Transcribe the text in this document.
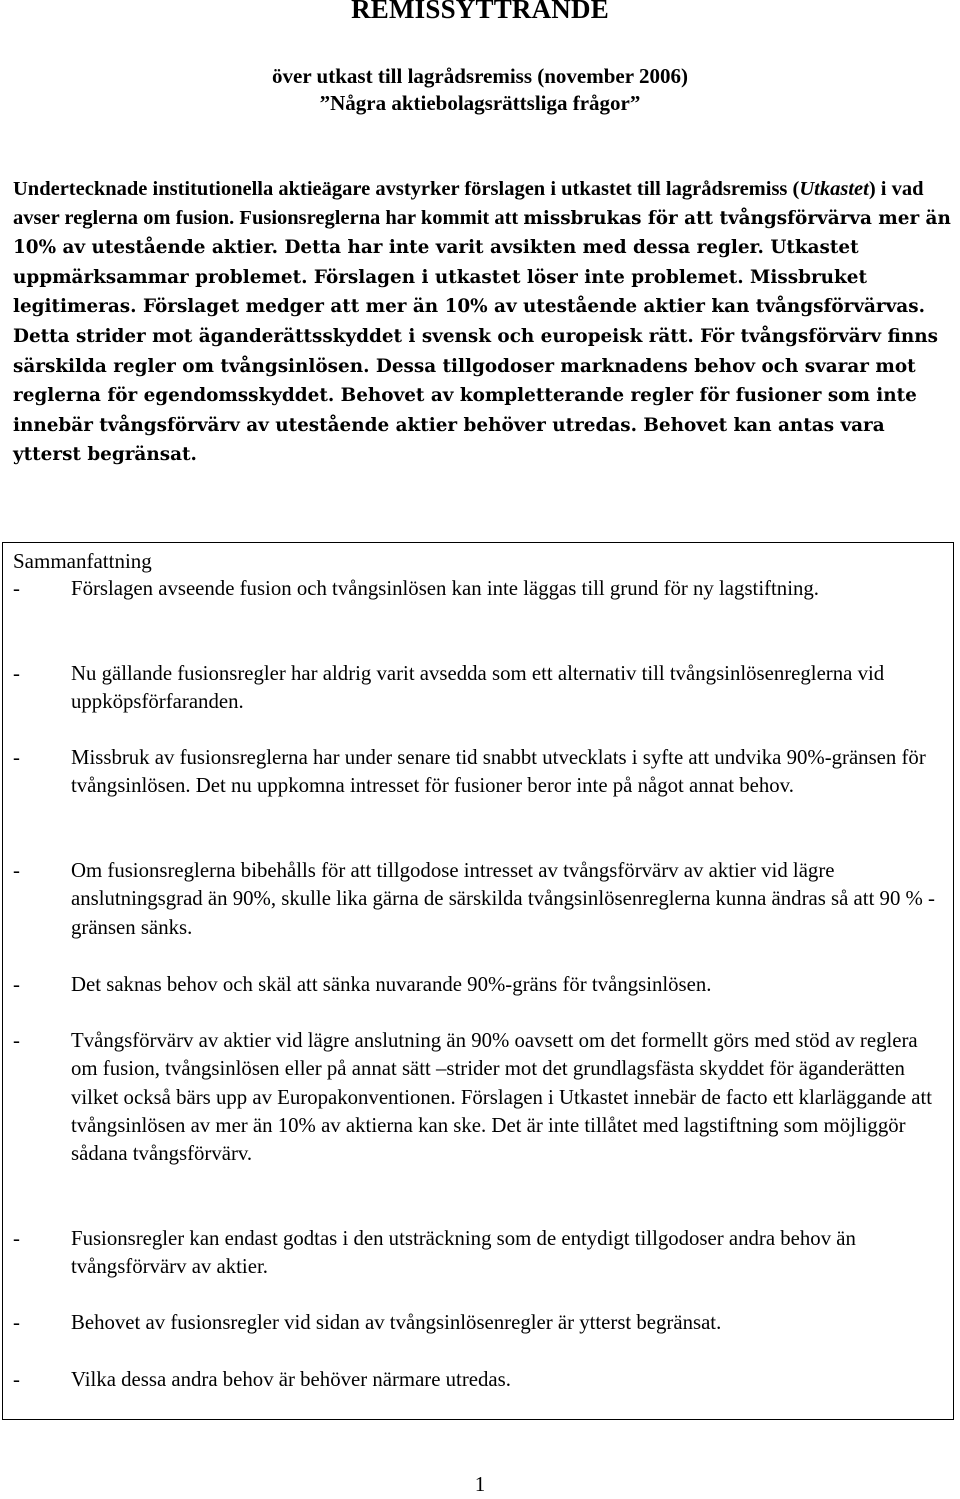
REMISSYTTRANDE
över utkast till lagrådsremiss (november 2006)
”Några aktiebolagsrättsliga frågor”

Undertecknade institutionella aktieägare avstyrker förslagen i utkastet till lagrådsremiss (Utkastet) i vad avser reglerna om fusion. Fusionsreglerna har kommit att missbrukas för att tvångsförvärva mer än 10% av utestående aktier. Detta har inte varit avsikten med dessa regler. Utkastet uppmärksammar problemet. Förslagen i utkastet löser inte problemet. Missbruket legitimeras. Förslaget medger att mer än 10% av utestående aktier kan tvångsförvärvas. Detta strider mot äganderättsskyddet i svensk och europeisk rätt. För tvångsförvärv finns särskilda regler om tvångsinlösen. Dessa tillgodoser marknadens behov och svarar mot reglerna för egendomsskyddet. Behovet av kompletterande regler för fusioner som inte innebär tvångsförvärv av utestående aktier behöver utredas. Behovet kan antas vara ytterst begränsat.

Sammanfattning
- Förslagen avseende fusion och tvångsinlösen kan inte läggas till grund för ny lagstiftning.
- Nu gällande fusionsregler har aldrig varit avsedda som ett alternativ till tvångsinlösenreglerna vid uppköpsförfaranden.
- Missbruk av fusionsreglerna har under senare tid snabbt utvecklats i syfte att undvika 90%-gränsen för tvångsinlösen. Det nu uppkomna intresset för fusioner beror inte på något annat behov.
- Om fusionsreglerna bibehålls för att tillgodose intresset av tvångsförvärv av aktier vid lägre anslutningsgrad än 90%, skulle lika gärna de särskilda tvångsinlösenreglerna kunna ändras så att 90 % - gränsen sänks.
- Det saknas behov och skäl att sänka nuvarande 90%-gräns för tvångsinlösen.
- Tvångsförvärv av aktier vid lägre anslutning än 90% oavsett om det formellt görs med stöd av reglera om fusion, tvångsinlösen eller på annat sätt –strider mot det grundlagsfästa skyddet för äganderätten vilket också bärs upp av Europakonventionen. Förslagen i Utkastet innebär de facto ett klarläggande att tvångsinlösen av mer än 10% av aktierna kan ske. Det är inte tillåtet med lagstiftning som möjliggör sådana tvångsförvärv.
- Fusionsregler kan endast godtas i den utsträckning som de entydigt tillgodoser andra behov än tvångsförvärv av aktier.
- Behovet av fusionsregler vid sidan av tvångsinlösenregler är ytterst begränsat.
- Vilka dessa andra behov är behöver närmare utredas.
1
